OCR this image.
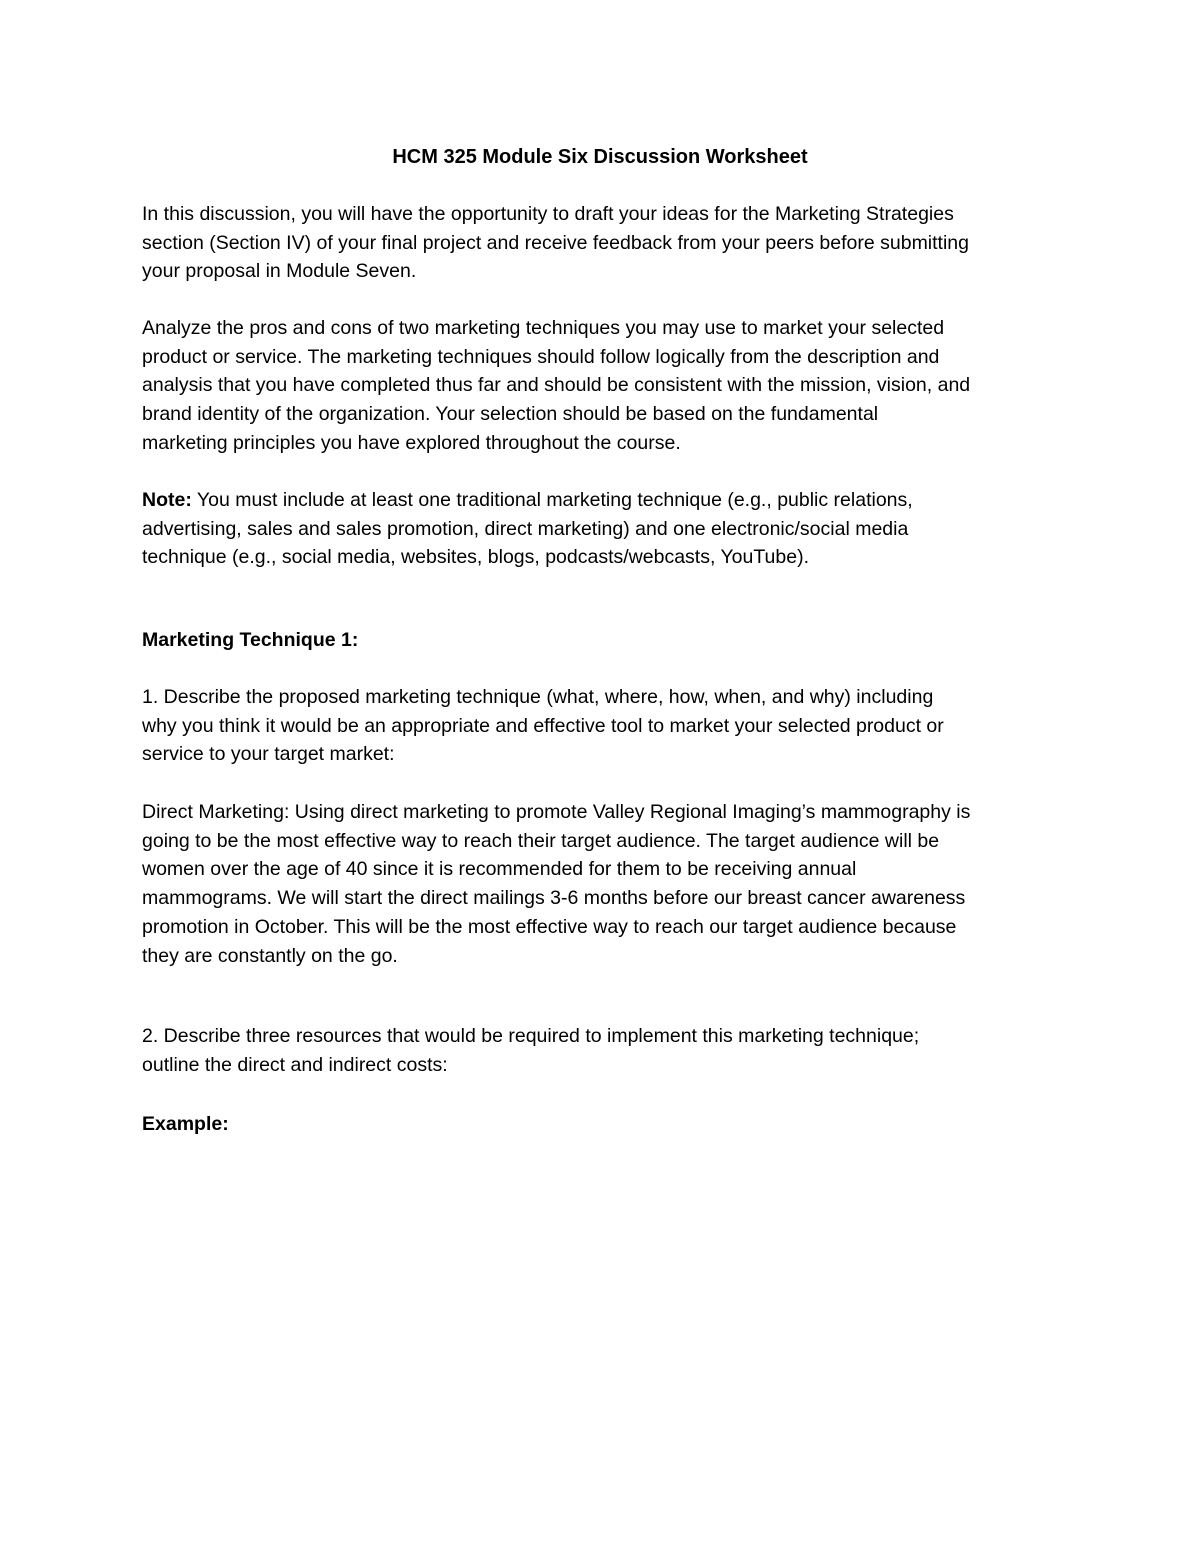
HCM 325 Module Six Discussion Worksheet

In this discussion, you will have the opportunity to draft your ideas for the Marketing Strategies

section (Section IV) of your final project and receive feedback from your peers before submitting

your proposal in Module Seven.

Analyze the pros and cons of two marketing techniques you may use to market your selected

product or service. The marketing techniques should follow logically from the description and

analysis that you have completed thus far and should be consistent with the mission, vision, and

brand identity of the organization. Your selection should be based on the fundamental

marketing principles you have explored throughout the course.

Note: You must include at least one traditional marketing technique (e.g., public relations,

advertising, sales and sales promotion, direct marketing) and one electronic/social media

technique (e.g., social media, websites, blogs, podcasts/webcasts, YouTube).

Marketing Technique 1:

1. Describe the proposed marketing technique (what, where, how, when, and why) including

why you think it would be an appropriate and effective tool to market your selected product or

service to your target market:

Direct Marketing: Using direct marketing to promote Valley Regional Imaging’s mammography is

going to be the most effective way to reach their target audience. The target audience will be

women over the age of 40 since it is recommended for them to be receiving annual

mammograms. We will start the direct mailings 3-6 months before our breast cancer awareness

promotion in October. This will be the most effective way to reach our target audience because

they are constantly on the go.

2. Describe three resources that would be required to implement this marketing technique;

outline the direct and indirect costs:

Example:
